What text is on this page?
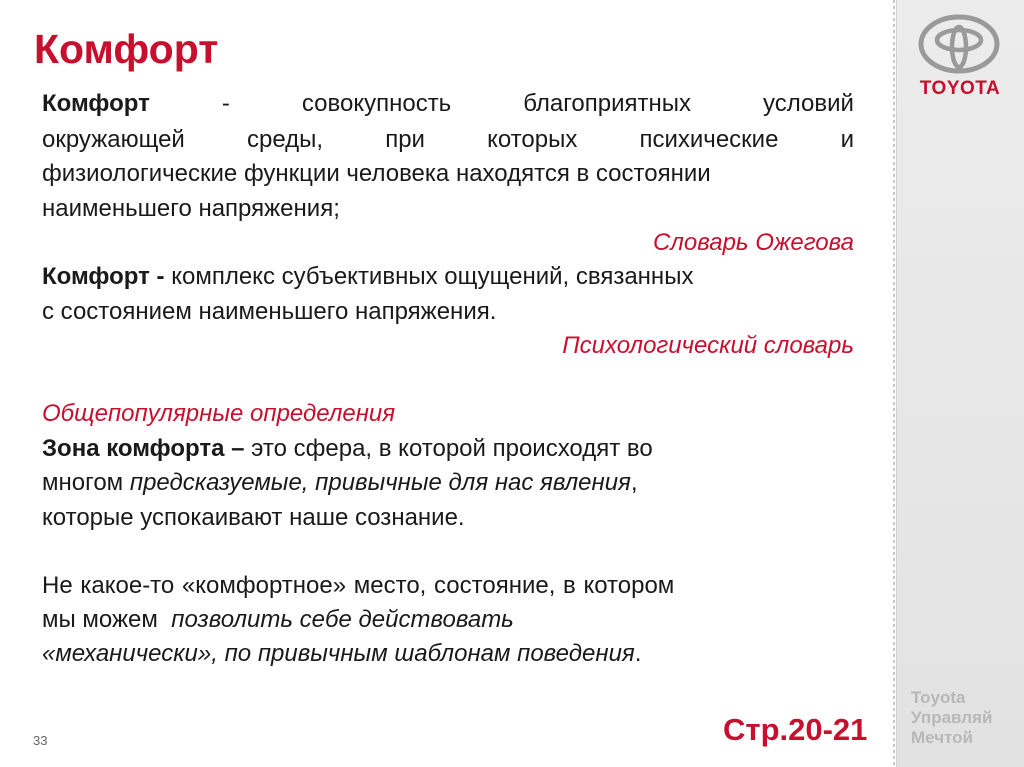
TOYOTA
Toyota
Управляй
Мечтой
Комфорт
Комфорт	-	совокупность	благоприятных	условий
окружающей	среды,	при	которых	психические	и

физиологические функции человека находятся в состоянии

наименьшего напряжения;

Словарь Ожегова

Комфорт - комплекс субъективных ощущений, связанных

с состоянием наименьшего напряжения.

Психологический словарь

Общепопулярные определения

Зона комфорта – это сфера, в которой происходят во

многом предсказуемые, привычные для нас явления,

которые успокаивают наше сознание.

Не какое-то «комфортное» место, состояние, в котором

мы можем позволить себе действовать

«механически», по привычным шаблонам поведения.

33	Стр.20-21
